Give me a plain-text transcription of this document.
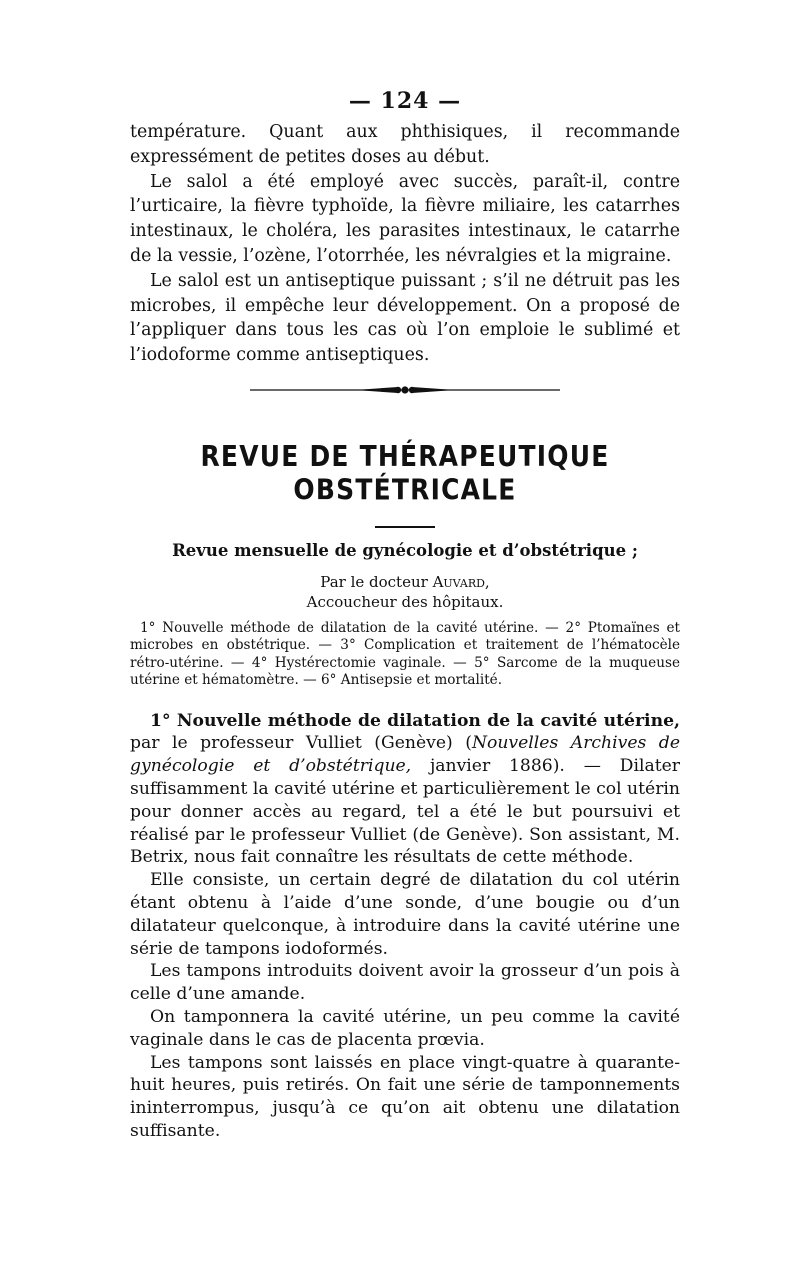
— 124 —

température. Quant aux phthisiques, il recommande expressément de petites doses au début.

Le salol a été employé avec succès, paraît-il, contre l’urticaire, la fièvre typhoïde, la fièvre miliaire, les catarrhes intestinaux, le choléra, les parasites intestinaux, le catarrhe de la vessie, l’ozène, l’otorrhée, les névralgies et la migraine.

Le salol est un antiseptique puissant ; s’il ne détruit pas les microbes, il empêche leur développement. On a proposé de l’appliquer dans tous les cas où l’on emploie le sublimé et l’iodoforme comme antiseptiques.

REVUE DE THÉRAPEUTIQUE OBSTÉTRICALE
Revue mensuelle de gynécologie et d’obstétrique ;
Par le docteur Auvard,
Accoucheur des hôpitaux.

1° Nouvelle méthode de dilatation de la cavité utérine. — 2° Ptomaïnes et microbes en obstétrique. — 3° Complication et traitement de l’hématocèle rétro-utérine. — 4° Hystérectomie vaginale. — 5° Sarcome de la muqueuse utérine et hématomètre. — 6° Antisepsie et mortalité.

1° Nouvelle méthode de dilatation de la cavité utérine, par le professeur Vulliet (Genève) (Nouvelles Archives de gynécologie et d’obstétrique, janvier 1886). — Dilater suffisamment la cavité utérine et particulièrement le col utérin pour donner accès au regard, tel a été le but poursuivi et réalisé par le professeur Vulliet (de Genève). Son assistant, M. Betrix, nous fait connaître les résultats de cette méthode.

Elle consiste, un certain degré de dilatation du col utérin étant obtenu à l’aide d’une sonde, d’une bougie ou d’un dilatateur quelconque, à introduire dans la cavité utérine une série de tampons iodoformés.

Les tampons introduits doivent avoir la grosseur d’un pois à celle d’une amande.

On tamponnera la cavité utérine, un peu comme la cavité vaginale dans le cas de placenta prœvia.

Les tampons sont laissés en place vingt-quatre à quarante-huit heures, puis retirés. On fait une série de tamponnements ininterrompus, jusqu’à ce qu’on ait obtenu une dilatation suffisante.
